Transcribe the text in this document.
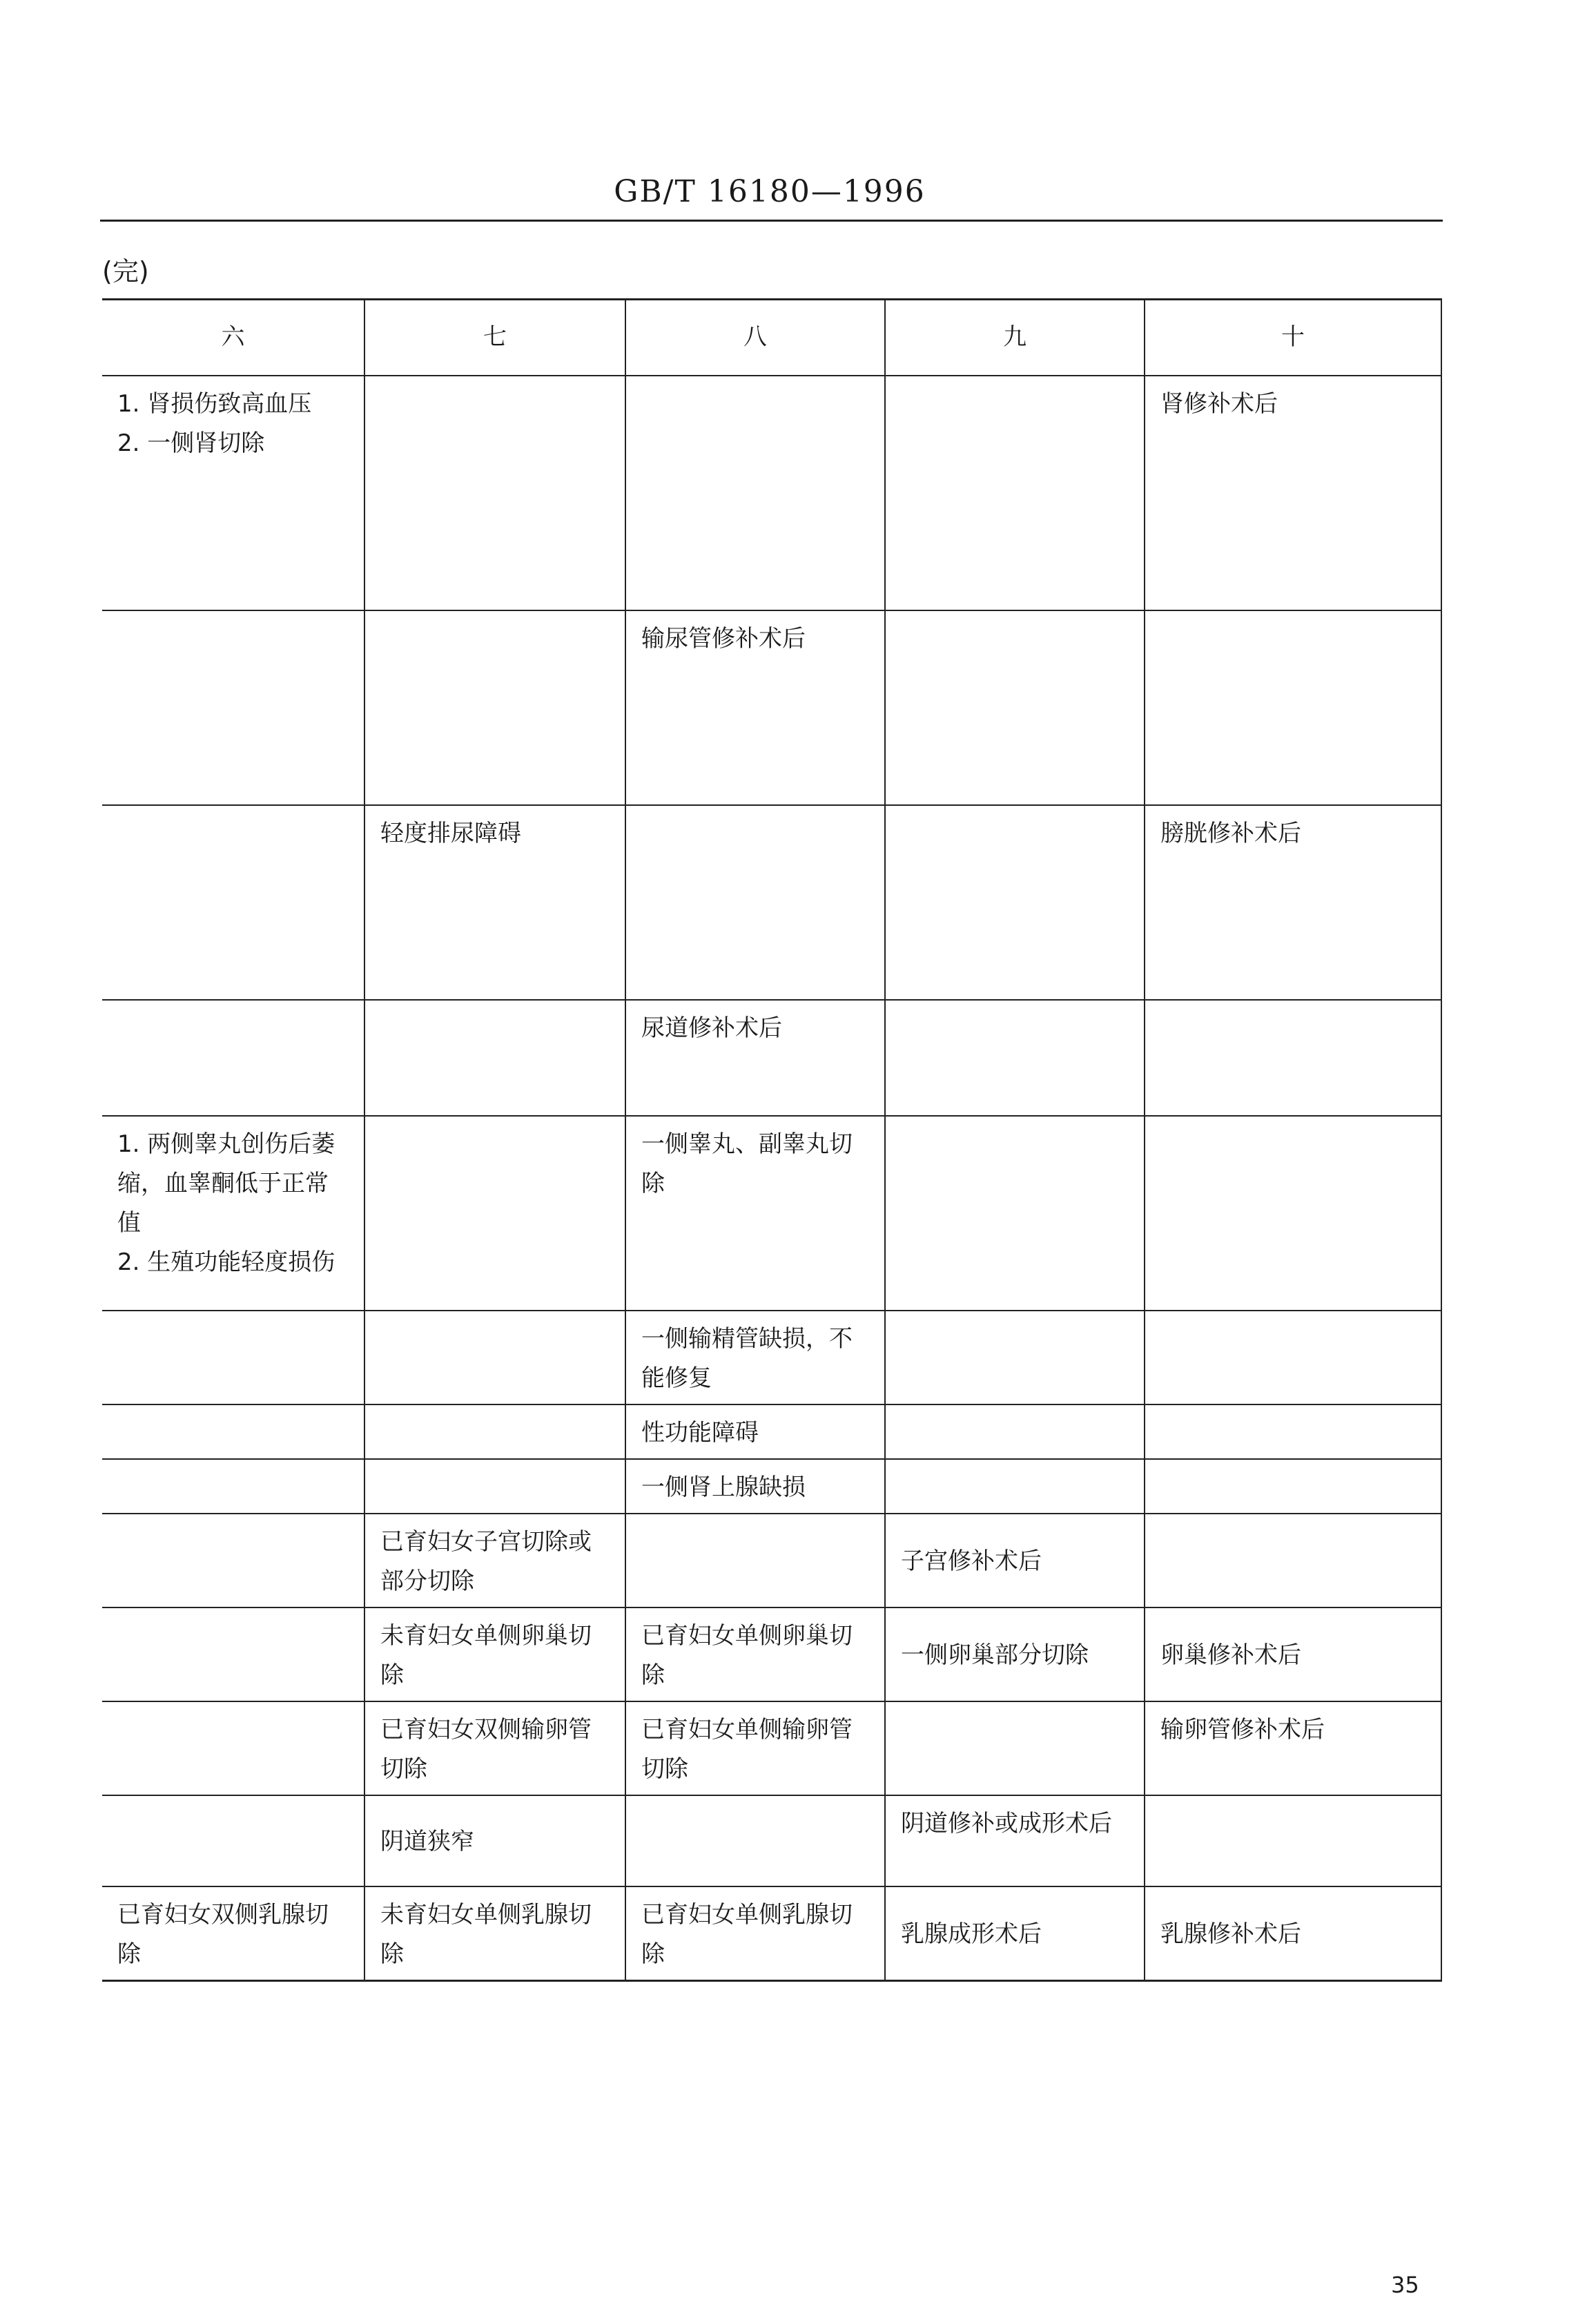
GB/T 16180—1996
(完)
六	七	八	九	十

1. 肾损伤致高血压
2. 一侧肾切除				肾修补术后

		输尿管修补术后		

	轻度排尿障碍			膀胱修补术后

		尿道修补术后		

1. 两侧睾丸创伤后萎缩，血睾酮低于正常值
2. 生殖功能轻度损伤		一侧睾丸、副睾丸切除		

		一侧输精管缺损，不能修复		

		性功能障碍		

		一侧肾上腺缺损		

	已育妇女子宫切除或部分切除		子宫修补术后	

	未育妇女单侧卵巢切除	已育妇女单侧卵巢切除	一侧卵巢部分切除	卵巢修补术后

	已育妇女双侧输卵管切除	已育妇女单侧输卵管切除		输卵管修补术后

	阴道狭窄		阴道修补或成形术后	

已育妇女双侧乳腺切除	未育妇女单侧乳腺切除	已育妇女单侧乳腺切除	乳腺成形术后	乳腺修补术后
35
